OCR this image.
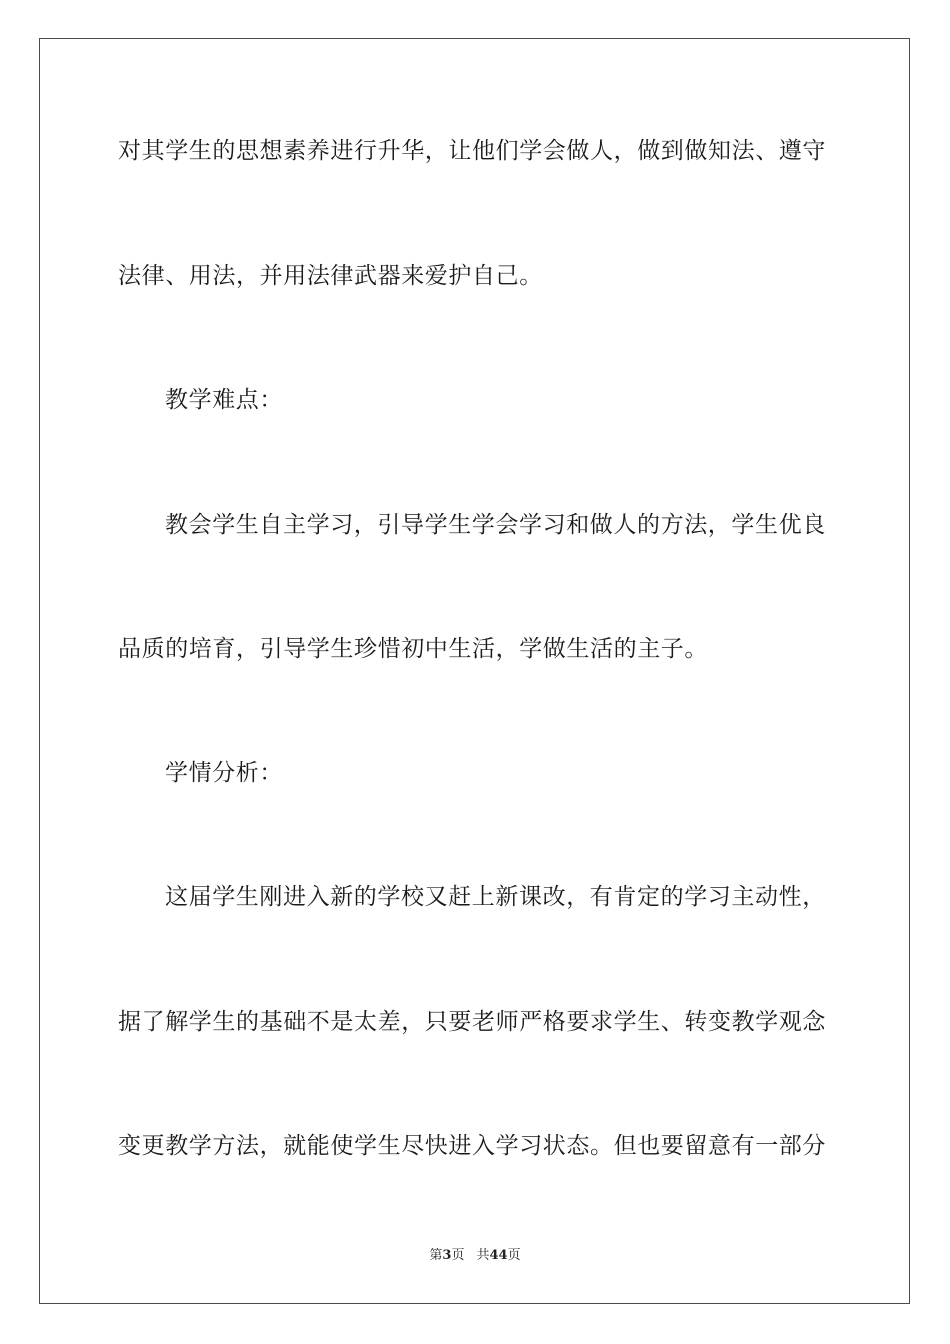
对其学生的思想素养进行升华，让他们学会做人，做到做知法、遵守
法律、用法，并用法律武器来爱护自己。
教学难点：
教会学生自主学习，引导学生学会学习和做人的方法，学生优良
品质的培育，引导学生珍惜初中生活，学做生活的主子。
学情分析：
这届学生刚进入新的学校又赶上新课改，有肯定的学习主动性，
据了解学生的基础不是太差，只要老师严格要求学生、转变教学观念
变更教学方法，就能使学生尽快进入学习状态。但也要留意有一部分
第3页 共44页
